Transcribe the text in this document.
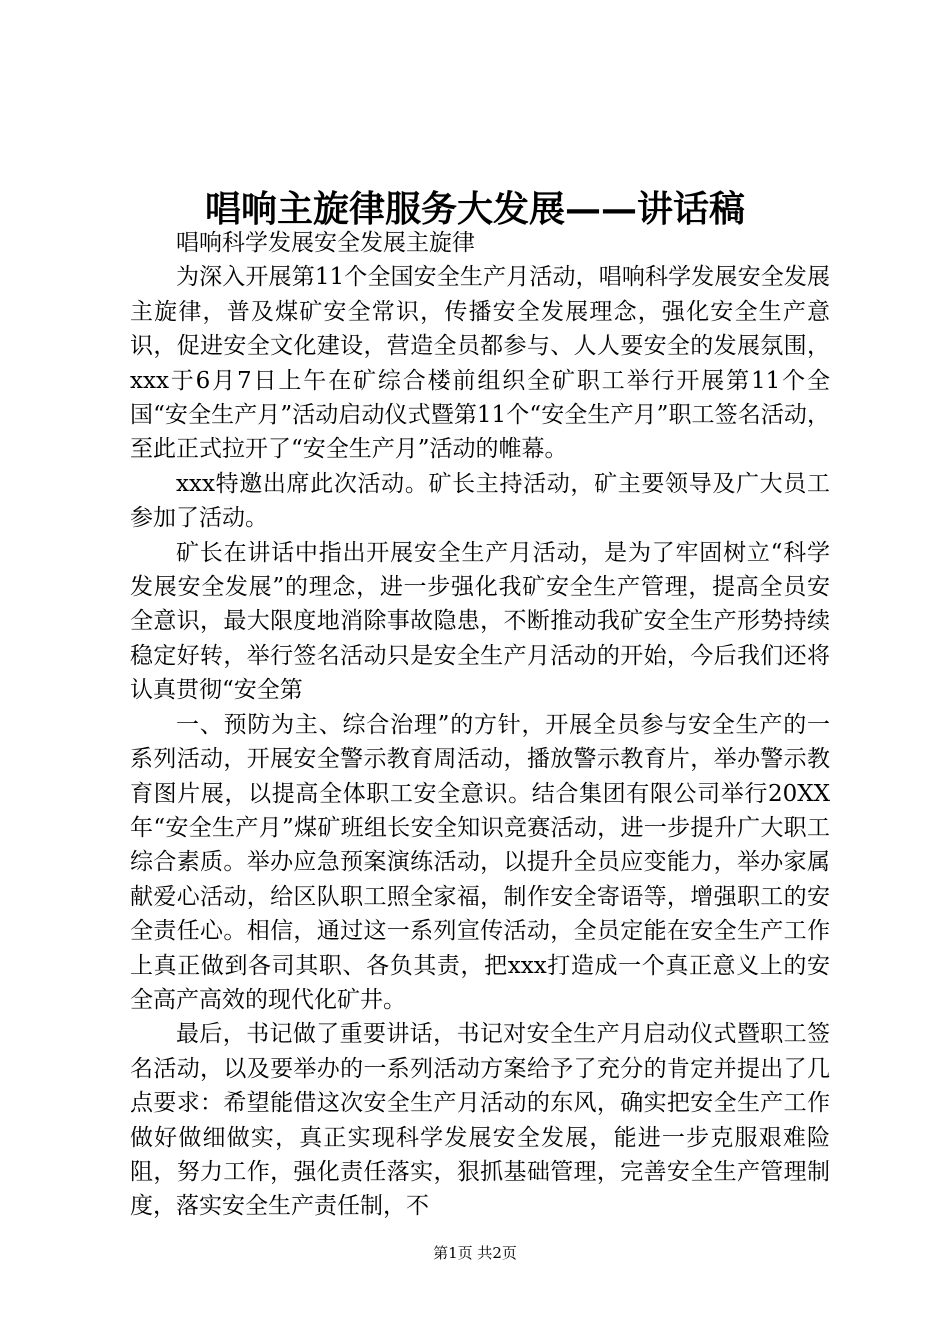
唱响主旋律服务大发展——讲话稿

唱响科学发展安全发展主旋律

为深入开展第11个全国安全生产月活动，唱响科学发展安全发展主旋律，普及煤矿安全常识，传播安全发展理念，强化安全生产意识，促进安全文化建设，营造全员都参与、人人要安全的发展氛围，xxx于6月7日上午在矿综合楼前组织全矿职工举行开展第11个全国“安全生产月”活动启动仪式暨第11个“安全生产月”职工签名活动，至此正式拉开了“安全生产月”活动的帷幕。

xxx特邀出席此次活动。矿长主持活动，矿主要领导及广大员工参加了活动。

矿长在讲话中指出开展安全生产月活动，是为了牢固树立“科学发展安全发展”的理念，进一步强化我矿安全生产管理，提高全员安全意识，最大限度地消除事故隐患，不断推动我矿安全生产形势持续稳定好转，举行签名活动只是安全生产月活动的开始，今后我们还将认真贯彻“安全第

一、预防为主、综合治理”的方针，开展全员参与安全生产的一系列活动，开展安全警示教育周活动，播放警示教育片，举办警示教育图片展，以提高全体职工安全意识。结合集团有限公司举行20XX年“安全生产月”煤矿班组长安全知识竞赛活动，进一步提升广大职工综合素质。举办应急预案演练活动，以提升全员应变能力，举办家属献爱心活动，给区队职工照全家福，制作安全寄语等，增强职工的安全责任心。相信，通过这一系列宣传活动，全员定能在安全生产工作上真正做到各司其职、各负其责，把xxx打造成一个真正意义上的安全高产高效的现代化矿井。

最后，书记做了重要讲话，书记对安全生产月启动仪式暨职工签名活动，以及要举办的一系列活动方案给予了充分的肯定并提出了几点要求：希望能借这次安全生产月活动的东风，确实把安全生产工作做好做细做实，真正实现科学发展安全发展，能进一步克服艰难险阻，努力工作，强化责任落实，狠抓基础管理，完善安全生产管理制度，落实安全生产责任制，不

第1页 共2页
